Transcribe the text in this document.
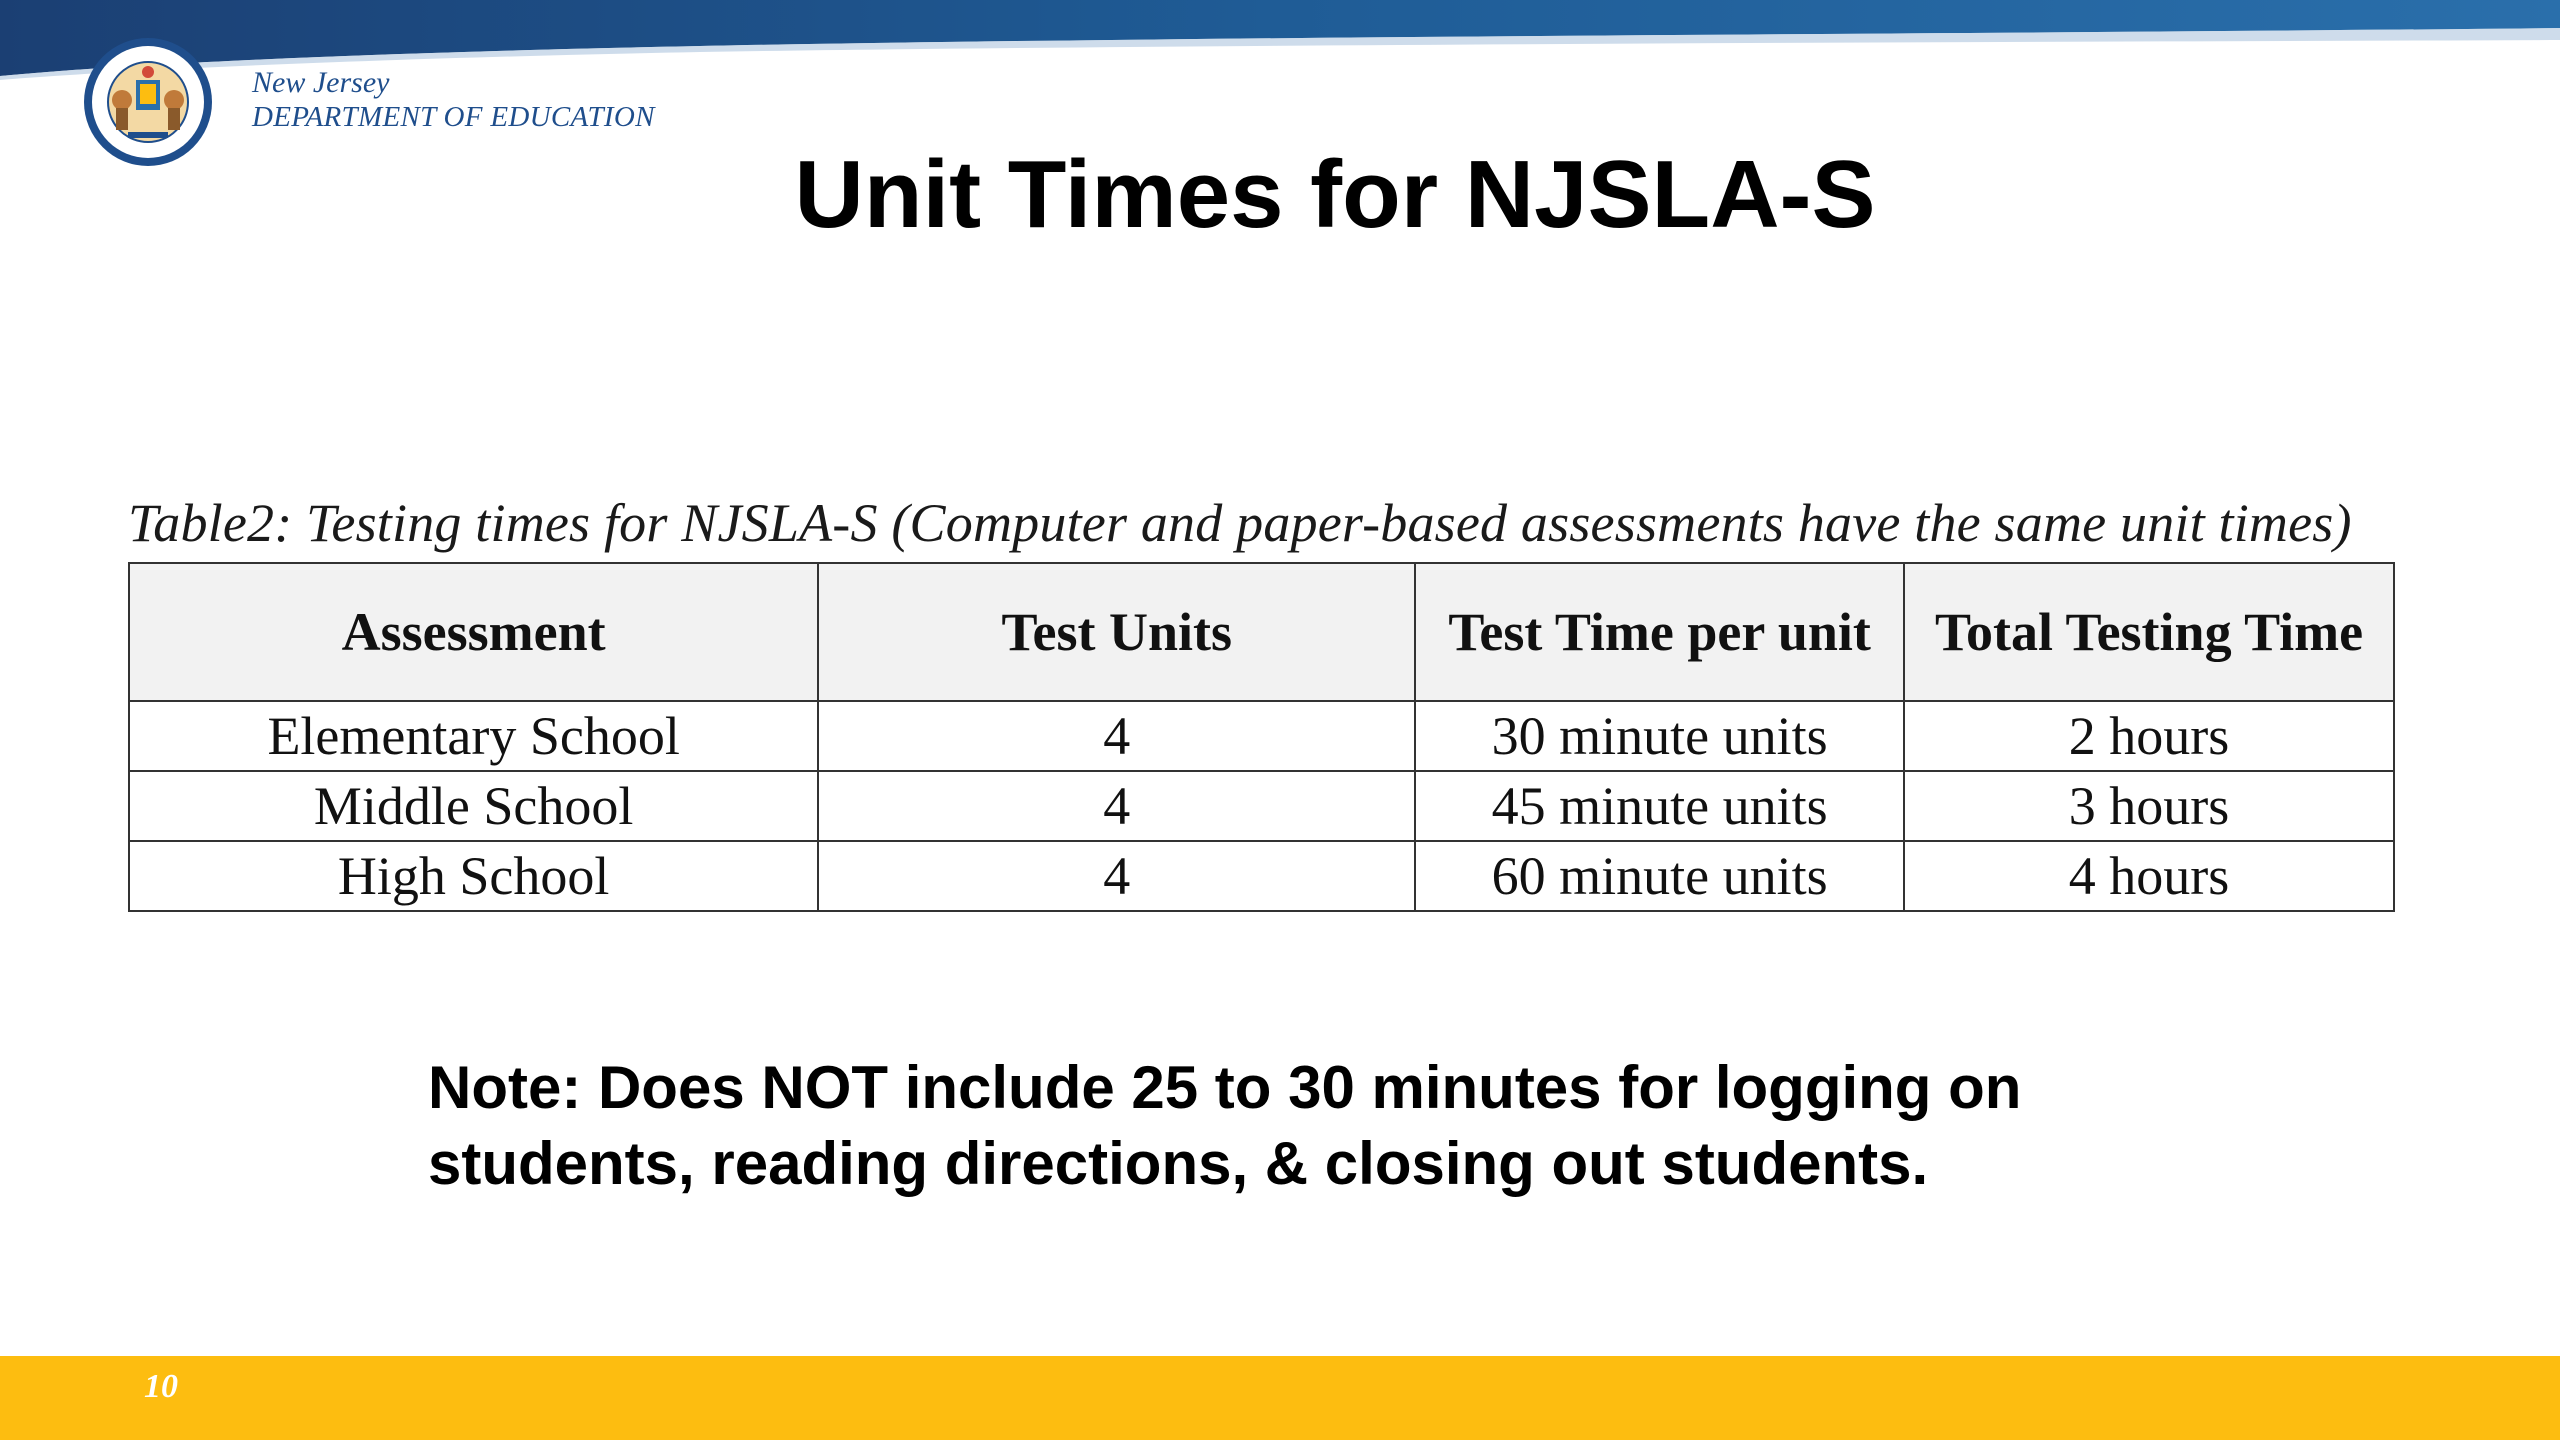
New Jersey
DEPARTMENT OF EDUCATION
Unit Times for NJSLA-S
Table2: Testing times for NJSLA-S (Computer and paper-based assessments have the same unit times)
Assessment	Test Units	Test Time per unit	Total Testing Time
Elementary School	4	30 minute units	2 hours
Middle School	4	45 minute units	3 hours
High School	4	60 minute units	4 hours
Note: Does NOT include 25 to 30 minutes for logging on students, reading directions, & closing out students.
10
